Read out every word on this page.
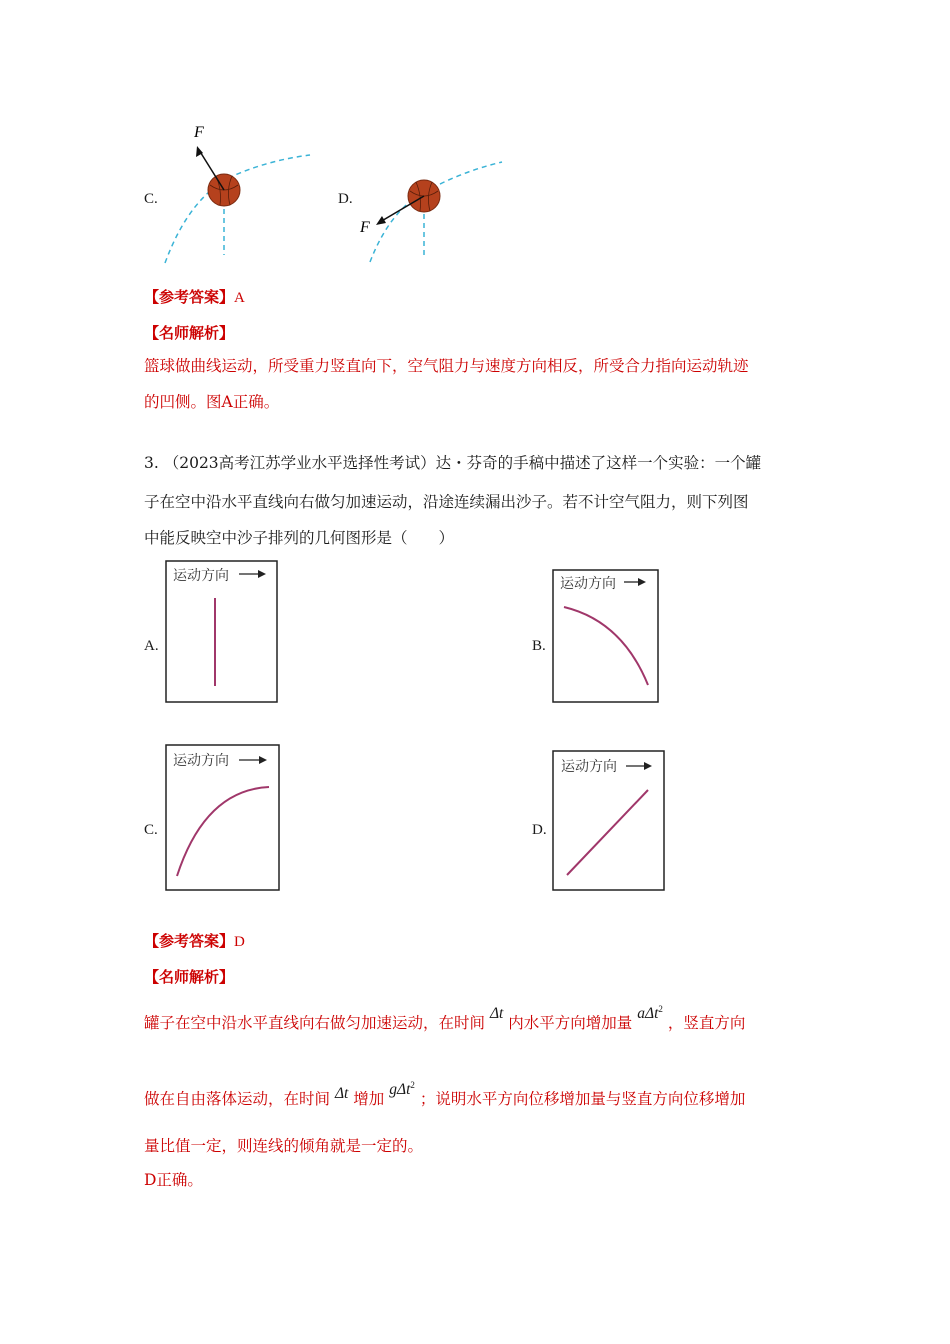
C.
F
D.
F
【参考答案】A
【名师解析】
篮球做曲线运动，所受重力竖直向下，空气阻力与速度方向相反，所受合力指向运动轨迹
的凹侧。图A正确。
3. （2023高考江苏学业水平选择性考试）达・芬奇的手稿中描述了这样一个实验：一个罐
子在空中沿水平直线向右做匀加速运动，沿途连续漏出沙子。若不计空气阻力，则下列图
中能反映空中沙子排列的几何图形是（　　）
A.
运动方向
B.
运动方向
C.
运动方向
D.
运动方向
【参考答案】D
【名师解析】
罐子在空中沿水平直线向右做匀加速运动，在时间 Δt 内水平方向增加量 aΔt$^2$ ，竖直方向
做在自由落体运动，在时间 Δt 增加 gΔt$^2$ ；说明水平方向位移增加量与竖直方向位移增加
量比值一定，则连线的倾角就是一定的。
D正确。
